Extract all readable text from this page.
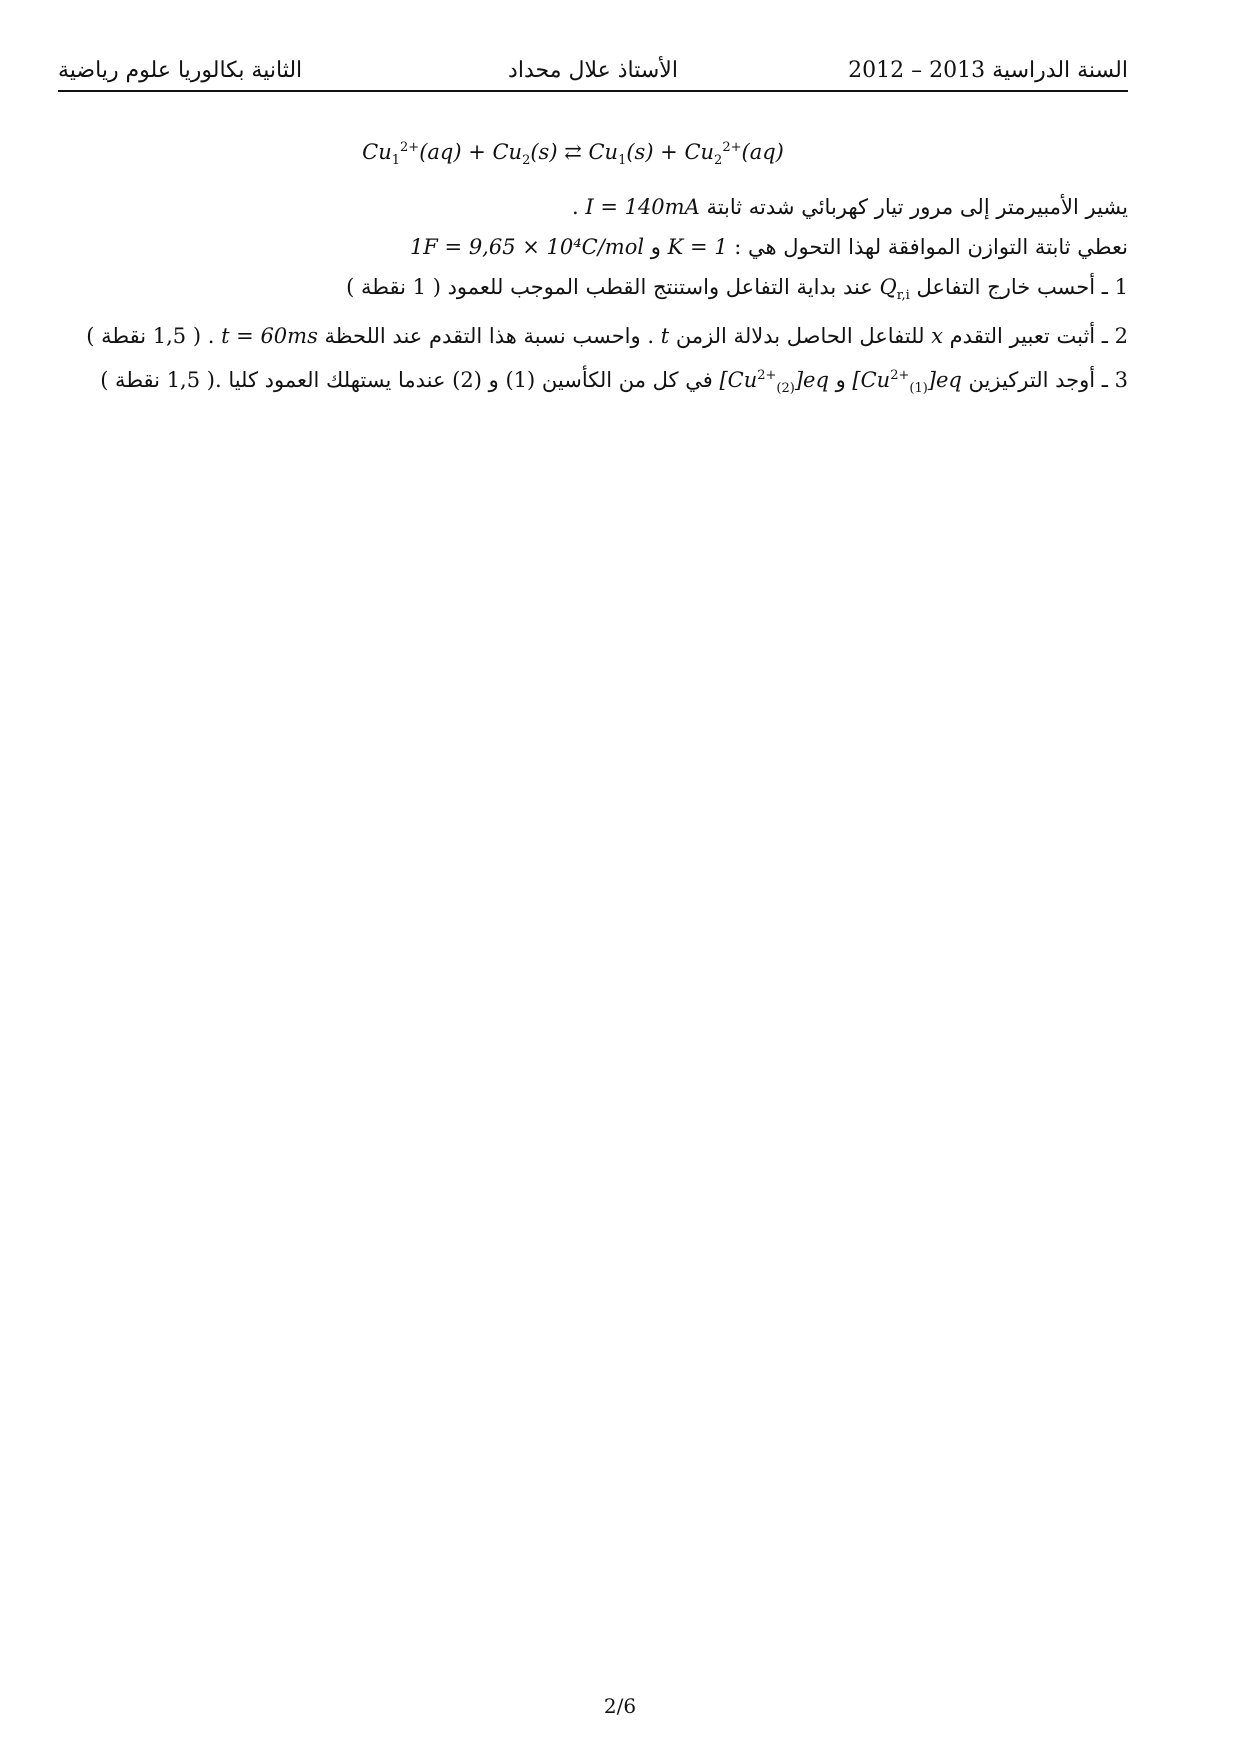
السنة الدراسية 2013 – 2012
الأستاذ علال محداد
الثانية بكالوريا علوم رياضية
$Cu_1^{2+}(aq) + Cu_2(s)$ ⇄ $Cu_1(s) + Cu_2^{2+}(aq)$

يشير الأمبيرمتر إلى مرور تيار كهربائي شدته ثابتة I = 140mA .

نعطي ثابتة التوازن الموافقة لهذا التحول هي : K = 1 و 1F = 9,65 × 10⁴C/mol

1 ـ أحسب خارج التفاعل $Q_{r,i}$ عند بداية التفاعل واستنتج القطب الموجب للعمود ( 1 نقطة )

2 ـ أثبت تعبير التقدم x للتفاعل الحاصل بدلالة الزمن t . واحسب نسبة هذا التقدم عند اللحظة t = 60ms . ( 1,5 نقطة )

3 ـ أوجد التركيزين $[Cu^{2+}_{(1)}]eq$ و $[Cu^{2+}_{(2)}]eq$ في كل من الكأسين (1) و (2) عندما يستهلك العمود كليا .( 1,5 نقطة )

2/6
